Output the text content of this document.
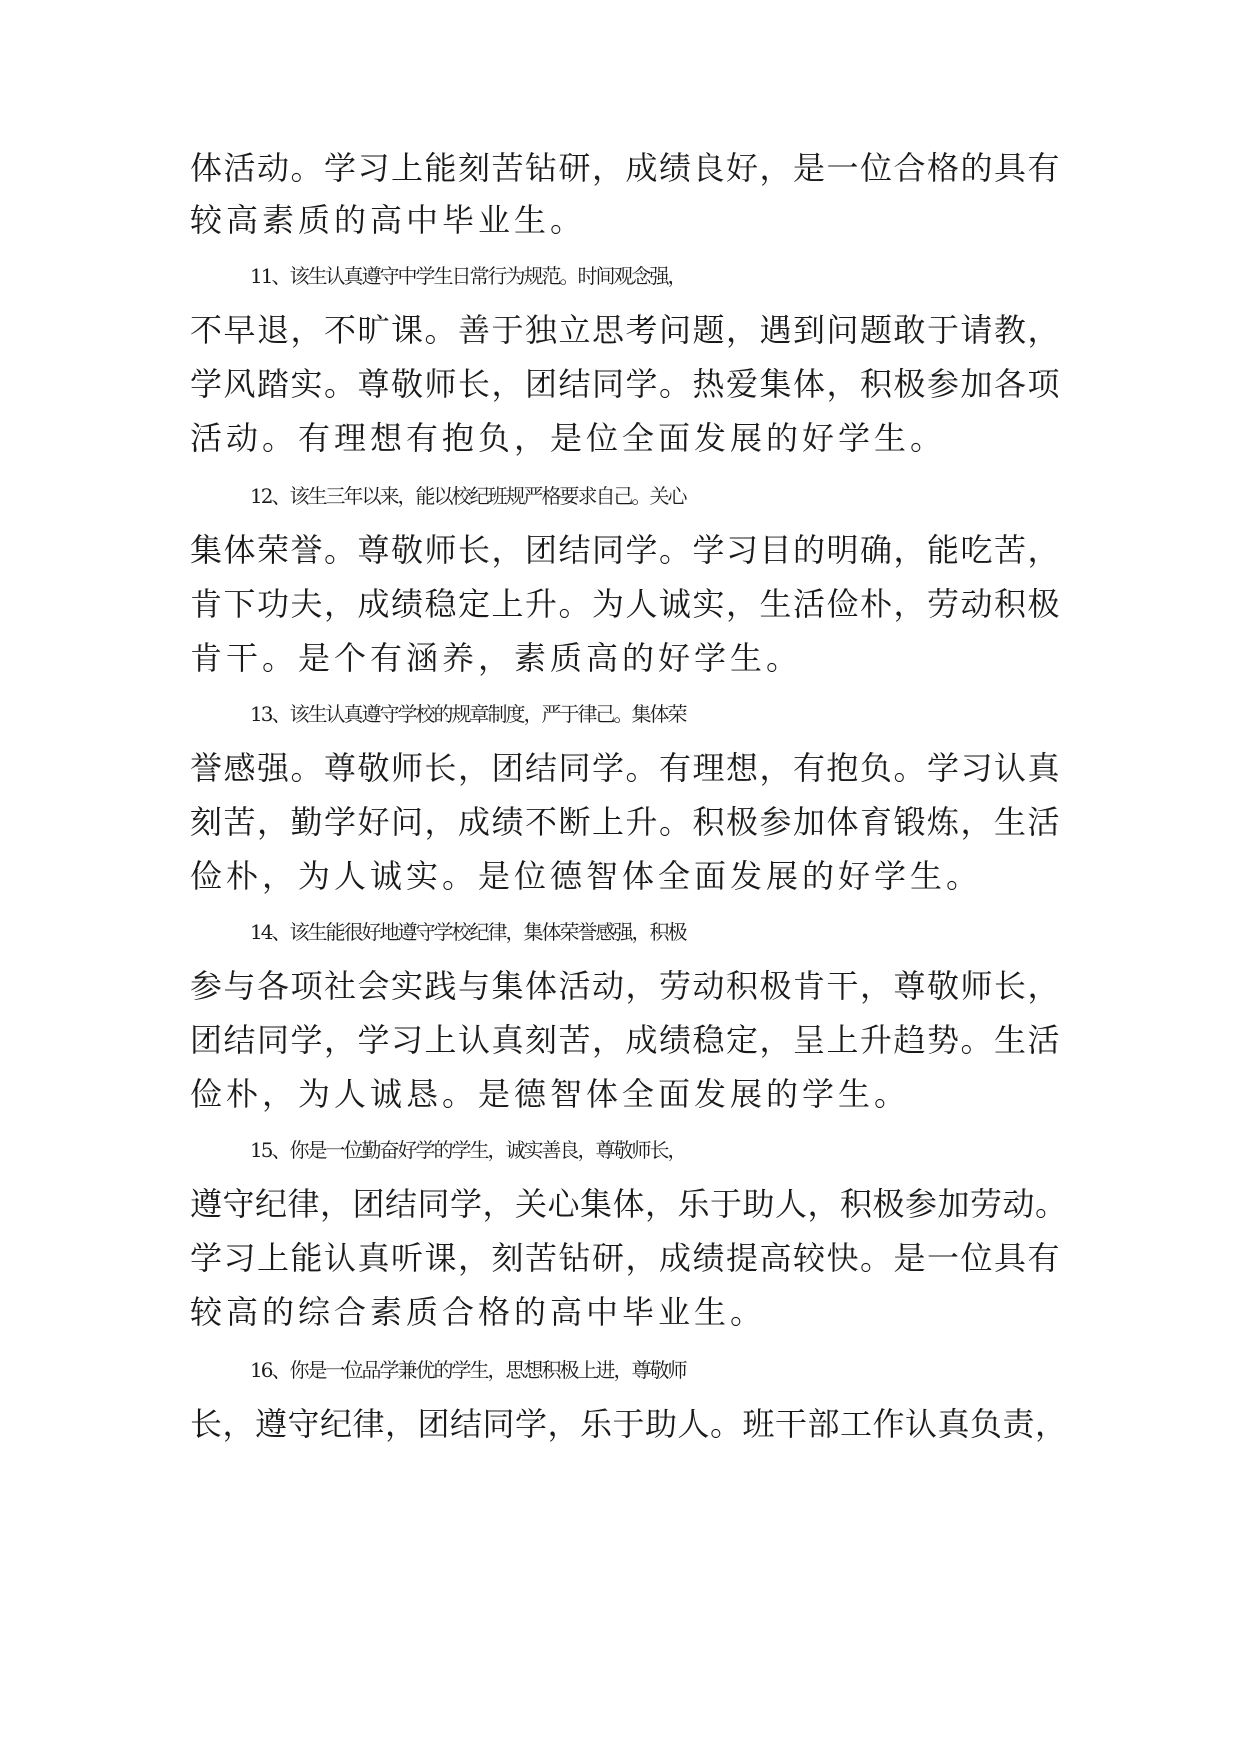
体活动。学习上能刻苦钻研，成绩良好，是一位合格的具有
较高素质的高中毕业生。
11、该生认真遵守中学生日常行为规范。时间观念强，
不早退，不旷课。善于独立思考问题，遇到问题敢于请教，
学风踏实。尊敬师长，团结同学。热爱集体，积极参加各项
活动。有理想有抱负，是位全面发展的好学生。
12、该生三年以来，能以校纪班规严格要求自己。关心
集体荣誉。尊敬师长，团结同学。学习目的明确，能吃苦，
肯下功夫，成绩稳定上升。为人诚实，生活俭朴，劳动积极
肯干。是个有涵养，素质高的好学生。
13、该生认真遵守学校的规章制度，严于律己。集体荣
誉感强。尊敬师长，团结同学。有理想，有抱负。学习认真
刻苦，勤学好问，成绩不断上升。积极参加体育锻炼，生活
俭朴，为人诚实。是位德智体全面发展的好学生。
14、该生能很好地遵守学校纪律，集体荣誉感强，积极
参与各项社会实践与集体活动，劳动积极肯干，尊敬师长，
团结同学，学习上认真刻苦，成绩稳定，呈上升趋势。生活
俭朴，为人诚恳。是德智体全面发展的学生。
15、你是一位勤奋好学的学生，诚实善良，尊敬师长，
遵守纪律，团结同学，关心集体，乐于助人，积极参加劳动。
学习上能认真听课，刻苦钻研，成绩提高较快。是一位具有
较高的综合素质合格的高中毕业生。
16、你是一位品学兼优的学生，思想积极上进，尊敬师
长，遵守纪律，团结同学，乐于助人。班干部工作认真负责，
